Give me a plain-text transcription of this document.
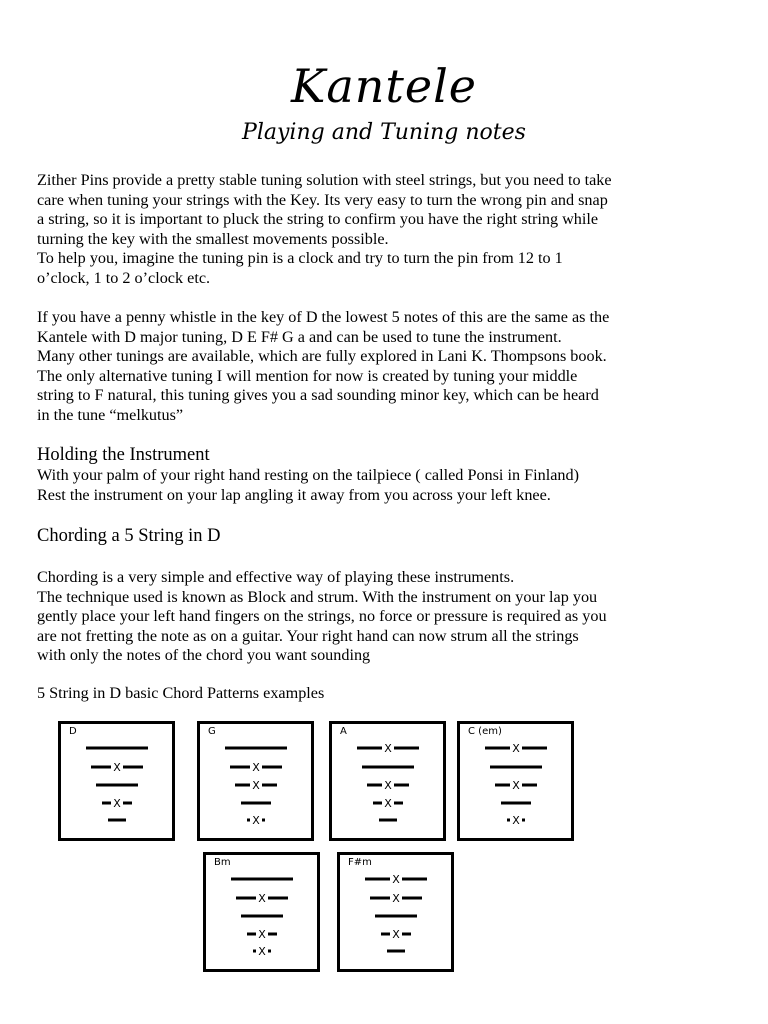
Kantele
Playing and Tuning notes
Zither Pins provide a pretty stable tuning solution with steel strings, but you need to take
care when tuning your strings with the Key. Its very easy to turn the wrong pin and snap
a string, so it is important to pluck the string to confirm you have the right string while
turning the key with the smallest movements possible.
To help you, imagine the tuning pin is a clock and try to turn the pin from 12 to 1
o’clock, 1 to 2 o’clock etc.
If you have a penny whistle in the key of D the lowest 5 notes of this are the same as the
Kantele with D major tuning, D E F# G a and can be used to tune the instrument.
Many other tunings are available, which are fully explored in Lani K. Thompsons book.
The only alternative tuning I will mention for now is created by tuning your middle
string to F natural, this tuning gives you a sad sounding minor key, which can be heard
in the tune “melkutus”
Holding the Instrument
With your palm of your right hand resting on the tailpiece ( called Ponsi in Finland)
Rest the instrument on your lap angling it away from you across your left knee.
Chording a 5 String in D
Chording is a very simple and effective way of playing these instruments.
The technique used is known as Block and strum. With the instrument on your lap you
gently place your left hand fingers on the strings, no force or pressure is required as you
are not fretting the note as on a guitar. Your right hand can now strum all the strings
with only the notes of the chord you want sounding
5 String in D basic Chord Patterns examples
D
X
X
G
X
X
X
A
X
X
X
C (em)
X
X
X
Bm
X
X
X
F#m
X
X
X
